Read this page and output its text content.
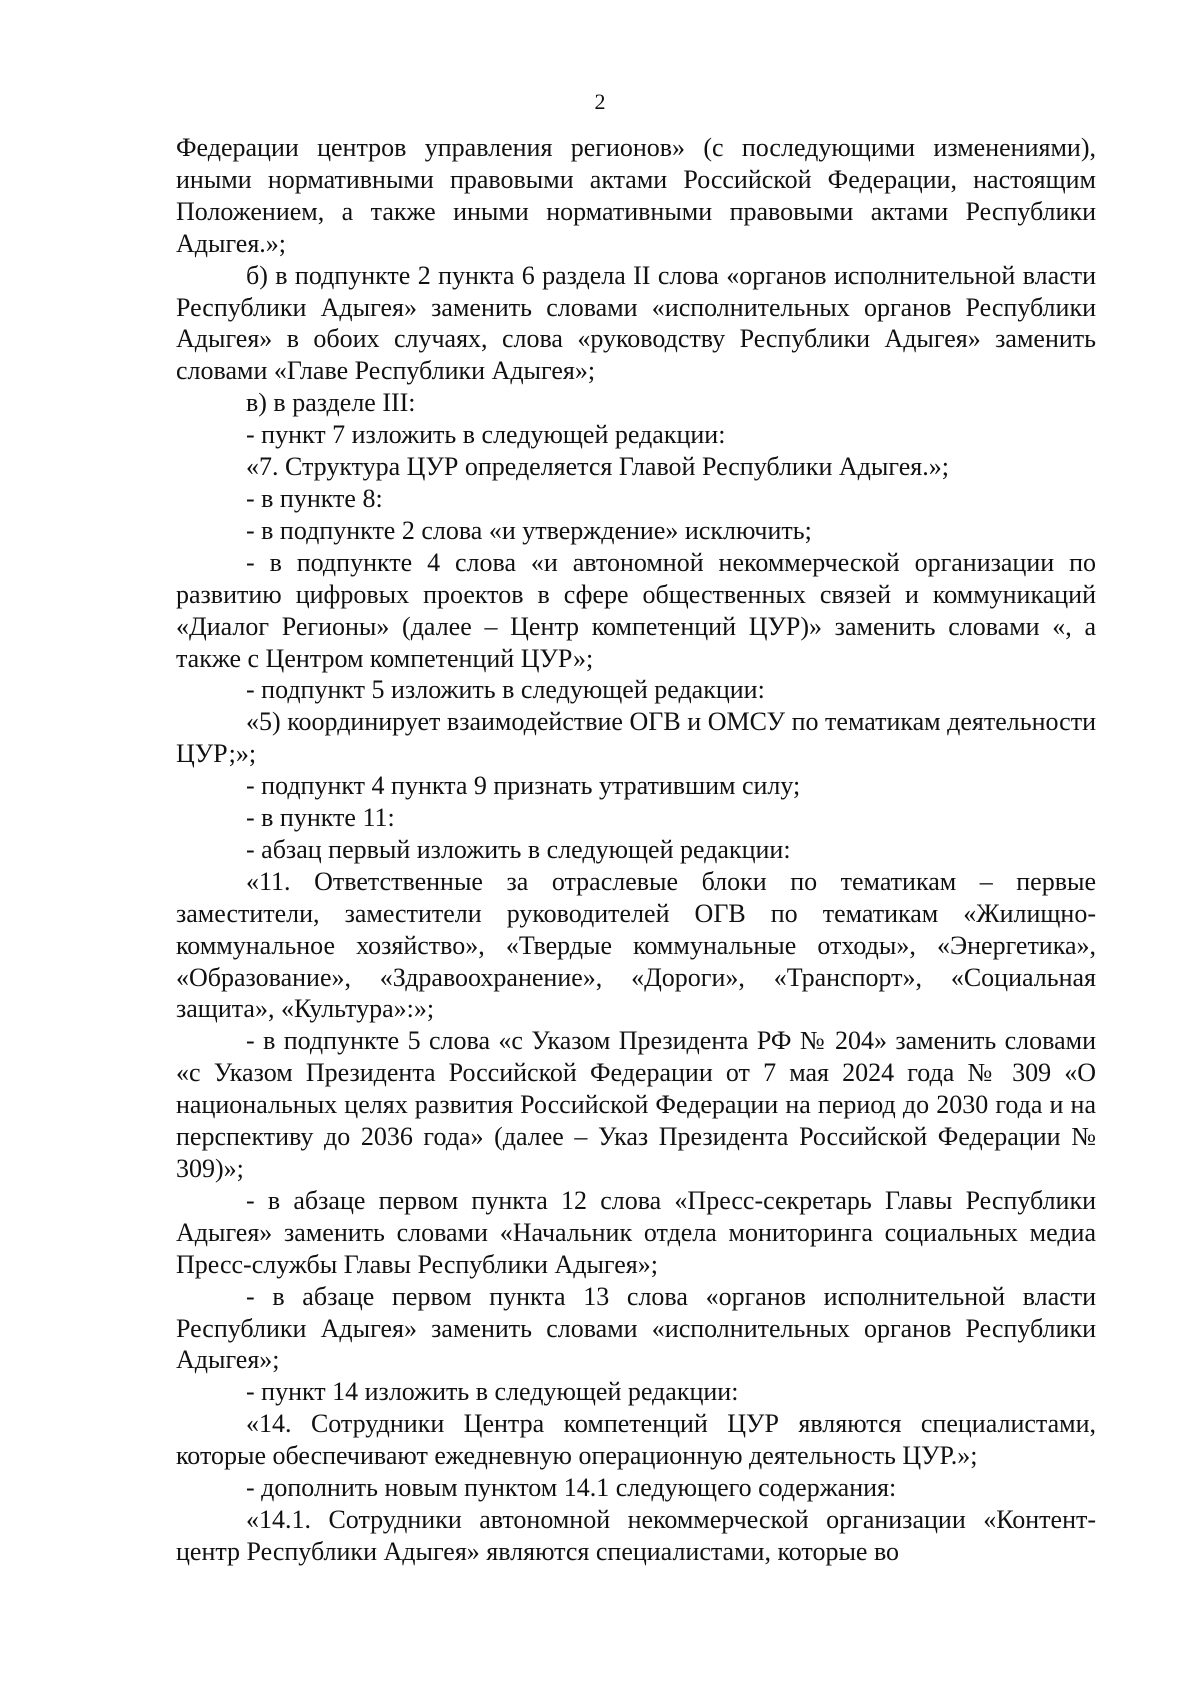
2

Федерации центров управления регионов» (с последующими изменениями), иными нормативными правовыми актами Российской Федерации, настоящим Положением, а также иными нормативными правовыми актами Республики Адыгея.»;

б) в подпункте 2 пункта 6 раздела II слова «органов исполнительной власти Республики Адыгея» заменить словами «исполнительных органов Республики Адыгея» в обоих случаях, слова «руководству Республики Адыгея» заменить словами «Главе Республики Адыгея»;

в) в разделе III:

- пункт 7 изложить в следующей редакции:

«7. Структура ЦУР определяется Главой Республики Адыгея.»;

- в пункте 8:

- в подпункте 2 слова «и утверждение» исключить;

- в подпункте 4 слова «и автономной некоммерческой организации по развитию цифровых проектов в сфере общественных связей и коммуникаций «Диалог Регионы» (далее – Центр компетенций ЦУР)» заменить словами «, а также с Центром компетенций ЦУР»;

- подпункт 5 изложить в следующей редакции:

«5) координирует взаимодействие ОГВ и ОМСУ по тематикам деятельности ЦУР;»;

- подпункт 4 пункта 9 признать утратившим силу;

- в пункте 11:

- абзац первый изложить в следующей редакции:

«11. Ответственные за отраслевые блоки по тематикам – первые заместители, заместители руководителей ОГВ по тематикам «Жилищно-коммунальное хозяйство», «Твердые коммунальные отходы», «Энергетика», «Образование», «Здравоохранение», «Дороги», «Транспорт», «Социальная защита», «Культура»:»;

- в подпункте 5 слова «с Указом Президента РФ № 204» заменить словами «с Указом Президента Российской Федерации от 7 мая 2024 года № 309 «О национальных целях развития Российской Федерации на период до 2030 года и на перспективу до 2036 года» (далее – Указ Президента Российской Федерации № 309)»;

- в абзаце первом пункта 12 слова «Пресс-секретарь Главы Республики Адыгея» заменить словами «Начальник отдела мониторинга социальных медиа Пресс-службы Главы Республики Адыгея»;

- в абзаце первом пункта 13 слова «органов исполнительной власти Республики Адыгея» заменить словами «исполнительных органов Республики Адыгея»;

- пункт 14 изложить в следующей редакции:

«14. Сотрудники Центра компетенций ЦУР являются специалистами, которые обеспечивают ежедневную операционную деятельность ЦУР.»;

- дополнить новым пунктом 14.1 следующего содержания:

«14.1. Сотрудники автономной некоммерческой организации «Контент-центр Республики Адыгея» являются специалистами, которые во
